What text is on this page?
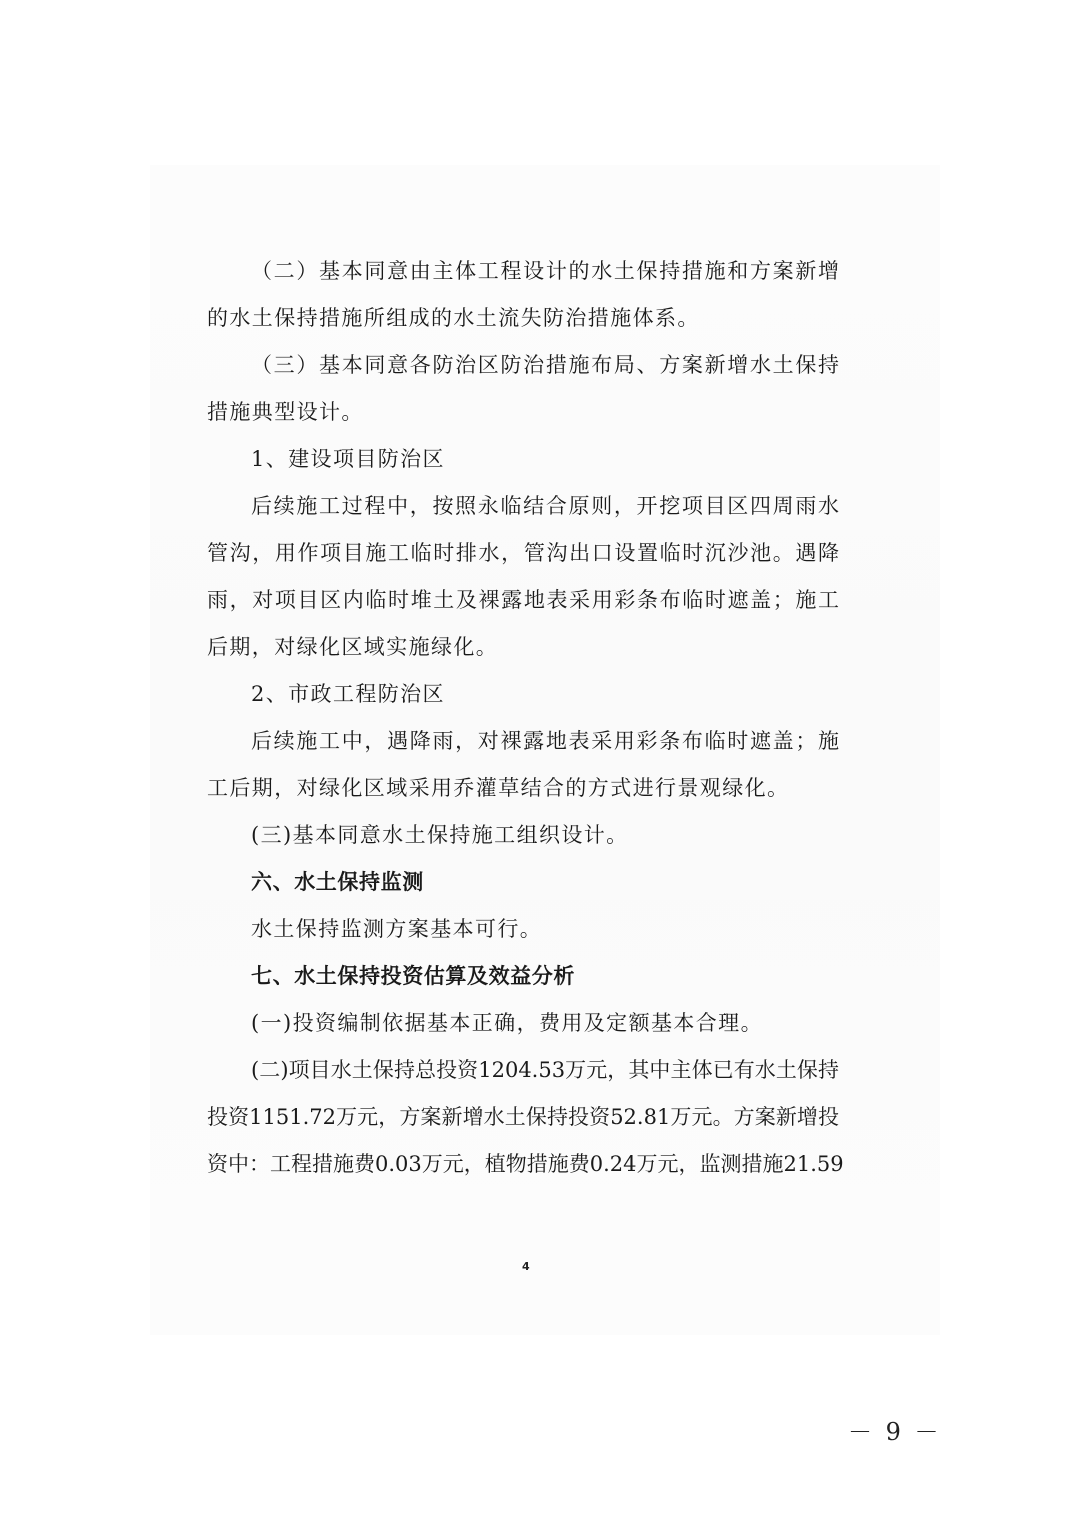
（二）基本同意由主体工程设计的水土保持措施和方案新增
的水土保持措施所组成的水土流失防治措施体系。
（三）基本同意各防治区防治措施布局、方案新增水土保持
措施典型设计。
1、建设项目防治区
后续施工过程中，按照永临结合原则，开挖项目区四周雨水
管沟，用作项目施工临时排水，管沟出口设置临时沉沙池。遇降
雨，对项目区内临时堆土及裸露地表采用彩条布临时遮盖；施工
后期，对绿化区域实施绿化。
2、市政工程防治区
后续施工中，遇降雨，对裸露地表采用彩条布临时遮盖；施
工后期，对绿化区域采用乔灌草结合的方式进行景观绿化。
(三)基本同意水土保持施工组织设计。
六、水土保持监测
水土保持监测方案基本可行。
七、水土保持投资估算及效益分析
(一)投资编制依据基本正确，费用及定额基本合理。
(二)项目水土保持总投资1204.53万元，其中主体已有水土保持
投资1151.72万元，方案新增水土保持投资52.81万元。方案新增投
资中：工程措施费0.03万元，植物措施费0.24万元，监测措施21.59
4
－ 9 －
